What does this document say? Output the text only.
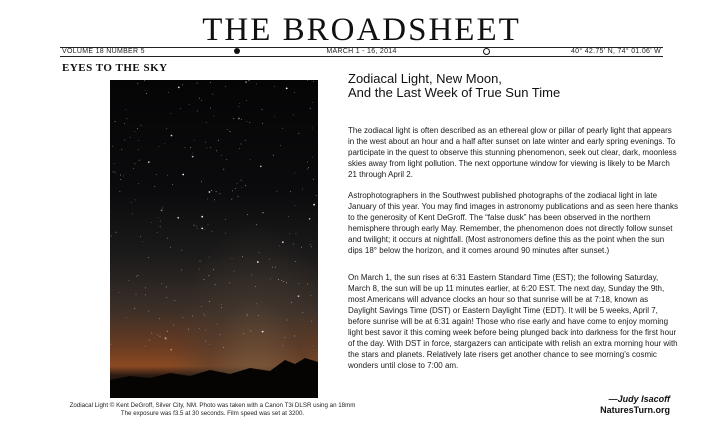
THE BROADSHEET
VOLUME 18 NUMBER 5	MARCH 1 - 16, 2014	40° 42.75' N, 74° 01.06' W
EYES TO THE SKY
Zodiacal Light © Kent DeGroff, Silver City, NM. Photo was taken with a Canon T3i DLSR using an 18mm
The exposure was f3.5 at 30 seconds. Film speed was set at 3200.
Zodiacal Light, New Moon,
And the Last Week of True Sun Time

The zodiacal light is often described as an ethereal glow or pillar of pearly light that appears in the west about an hour and a half after sunset on late winter and early spring evenings. To participate in the quest to observe this stunning phenomenon, seek out clear, dark, moonless skies away from light pollution. The next opportune window for viewing is likely to be March 21 through April 2.

Astrophotographers in the Southwest published photographs of the zodiacal light in late January of this year. You may find images in astronomy publications and as seen here thanks to the generosity of Kent DeGroff. The “false dusk” has been observed in the northern hemisphere through early May. Remember, the phenomenon does not directly follow sunset and twilight; it occurs at nightfall. (Most astronomers define this as the point when the sun dips 18° below the horizon, and it comes around 90 minutes after sunset.)

On March 1, the sun rises at 6:31 Eastern Standard Time (EST); the following Saturday, March 8, the sun will be up 11 minutes earlier, at 6:20 EST. The next day, Sunday the 9th, most Americans will advance clocks an hour so that sunrise will be at 7:18, known as Daylight Savings Time (DST) or Eastern Daylight Time (EDT). It will be 5 weeks, April 7, before sunrise will be at 6:31 again! Those who rise early and have come to enjoy morning light best savor it this coming week before being plunged back into darkness for the first hour of the day. With DST in force, stargazers can anticipate with relish an extra morning hour with the stars and planets. Relatively late risers get another chance to see morning’s cosmic wonders until close to 7:00 am.

—Judy Isacoff
NaturesTurn.org
